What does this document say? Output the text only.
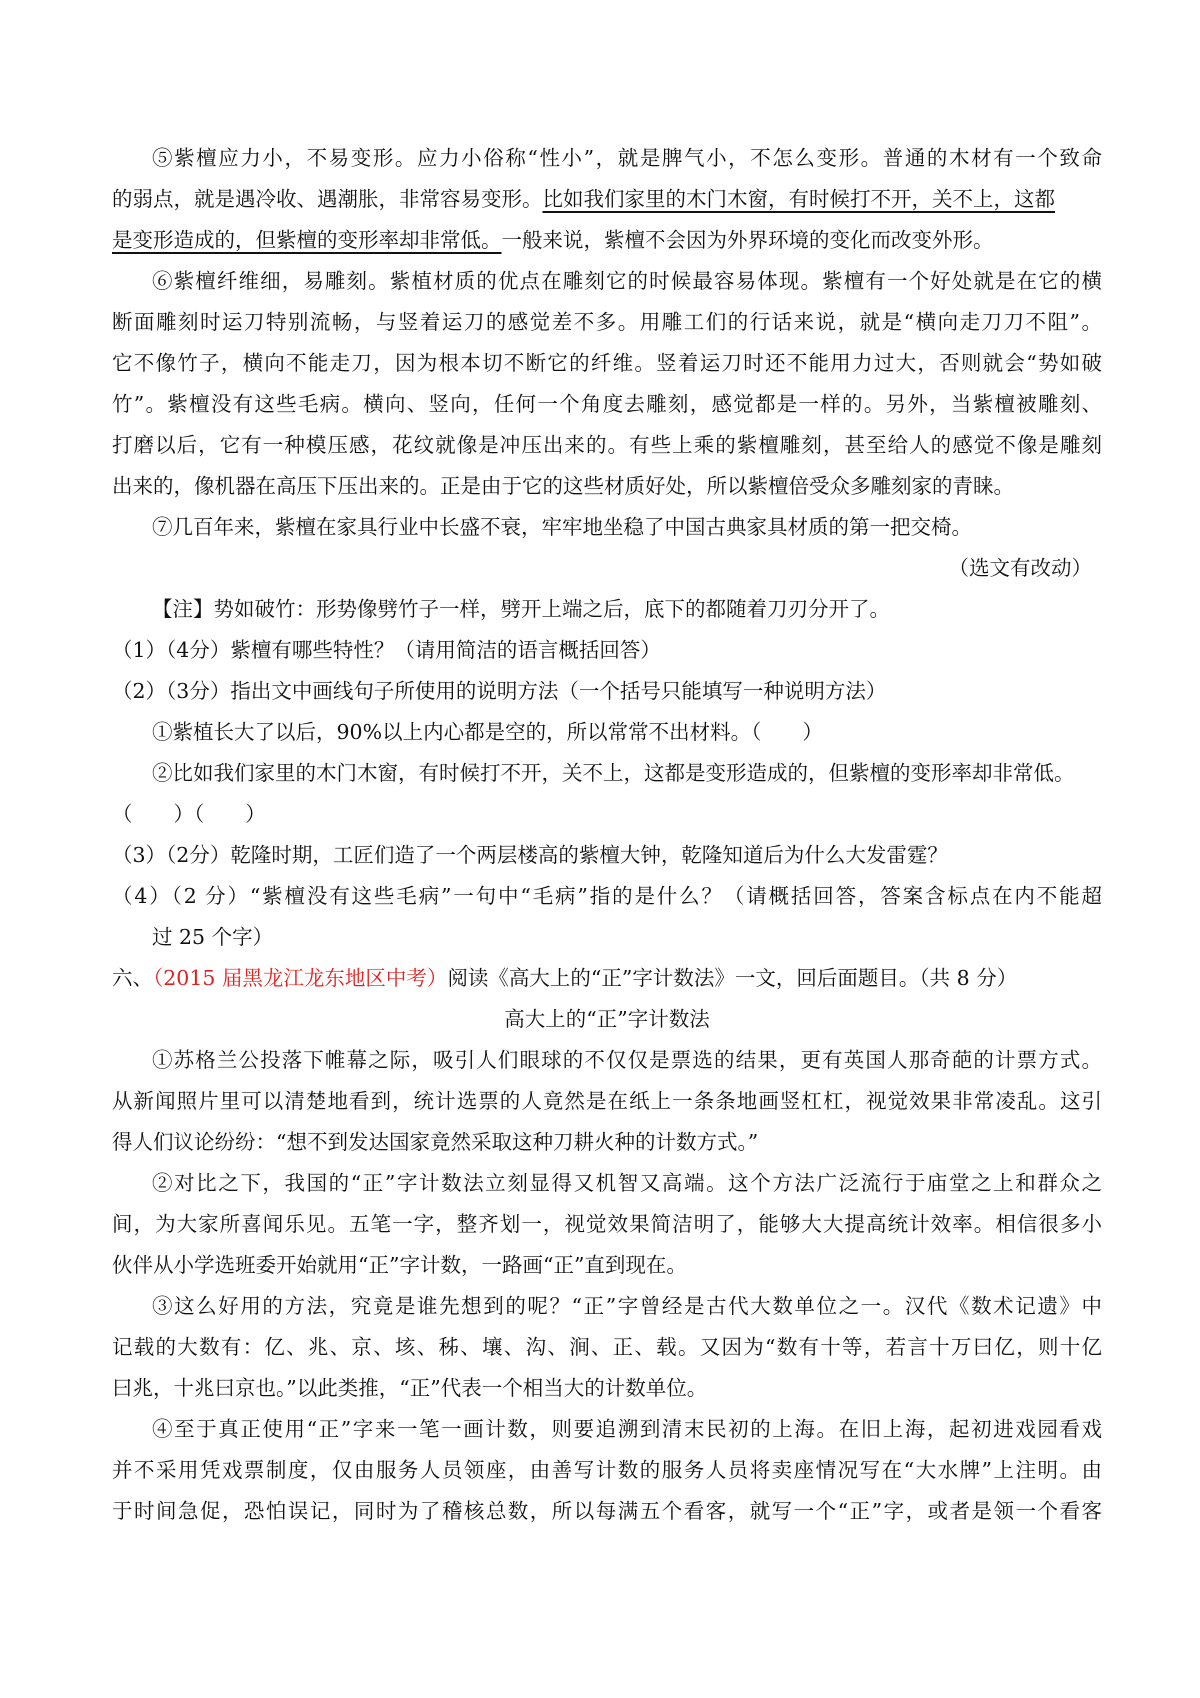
⑤紫檀应力小，不易变形。应力小俗称“性小”，就是脾气小，不怎么变形。普通的木材有一个致命
的弱点，就是遇冷收、遇潮胀，非常容易变形。比如我们家里的木门木窗，有时候打不开，关不上，这都
是变形造成的，但紫檀的变形率却非常低。一般来说，紫檀不会因为外界环境的变化而改变外形。
⑥紫檀纤维细，易雕刻。紫植材质的优点在雕刻它的时候最容易体现。紫檀有一个好处就是在它的横
断面雕刻时运刀特别流畅，与竖着运刀的感觉差不多。用雕工们的行话来说，就是“横向走刀刀不阻”。
它不像竹子，横向不能走刀，因为根本切不断它的纤维。竖着运刀时还不能用力过大，否则就会“势如破
竹”。紫檀没有这些毛病。横向、竖向，任何一个角度去雕刻，感觉都是一样的。另外，当紫檀被雕刻、
打磨以后，它有一种模压感，花纹就像是冲压出来的。有些上乘的紫檀雕刻，甚至给人的感觉不像是雕刻
出来的，像机器在高压下压出来的。正是由于它的这些材质好处，所以紫檀倍受众多雕刻家的青睐。
⑦几百年来，紫檀在家具行业中长盛不衰，牢牢地坐稳了中国古典家具材质的第一把交椅。
（选文有改动）
【注】势如破竹：形势像劈竹子一样，劈开上端之后，底下的都随着刀刃分开了。
（1）（4分）紫檀有哪些特性？（请用简洁的语言概括回答）
（2）（3分）指出文中画线句子所使用的说明方法（一个括号只能填写一种说明方法）
①紫植长大了以后，90%以上内心都是空的，所以常常不出材料。（　　）
②比如我们家里的木门木窗，有时候打不开，关不上，这都是变形造成的，但紫檀的变形率却非常低。
（　　）（　　）
（3）（2分）乾隆时期，工匠们造了一个两层楼高的紫檀大钟，乾隆知道后为什么大发雷霆？
（4）（2 分）“紫檀没有这些毛病”一句中“毛病”指的是什么？（请概括回答，答案含标点在内不能超
过 25 个字）
六、（2015 届黑龙江龙东地区中考）阅读《高大上的“正”字计数法》一文，回后面题目。（共 8 分）
高大上的“正”字计数法
①苏格兰公投落下帷幕之际，吸引人们眼球的不仅仅是票选的结果，更有英国人那奇葩的计票方式。
从新闻照片里可以清楚地看到，统计选票的人竟然是在纸上一条条地画竖杠杠，视觉效果非常凌乱。这引
得人们议论纷纷：“想不到发达国家竟然采取这种刀耕火种的计数方式。”
②对比之下，我国的“正”字计数法立刻显得又机智又高端。这个方法广泛流行于庙堂之上和群众之
间，为大家所喜闻乐见。五笔一字，整齐划一，视觉效果简洁明了，能够大大提高统计效率。相信很多小
伙伴从小学选班委开始就用“正”字计数，一路画“正”直到现在。
③这么好用的方法，究竟是谁先想到的呢？“正”字曾经是古代大数单位之一。汉代《数术记遗》中
记载的大数有：亿、兆、京、垓、秭、壤、沟、涧、正、载。又因为“数有十等，若言十万曰亿，则十亿
曰兆，十兆曰京也。”以此类推，“正”代表一个相当大的计数单位。
④至于真正使用“正”字来一笔一画计数，则要追溯到清末民初的上海。在旧上海，起初进戏园看戏
并不采用凭戏票制度，仅由服务人员领座，由善写计数的服务人员将卖座情况写在“大水牌”上注明。由
于时间急促，恐怕误记，同时为了稽核总数，所以每满五个看客，就写一个“正”字，或者是领一个看客
